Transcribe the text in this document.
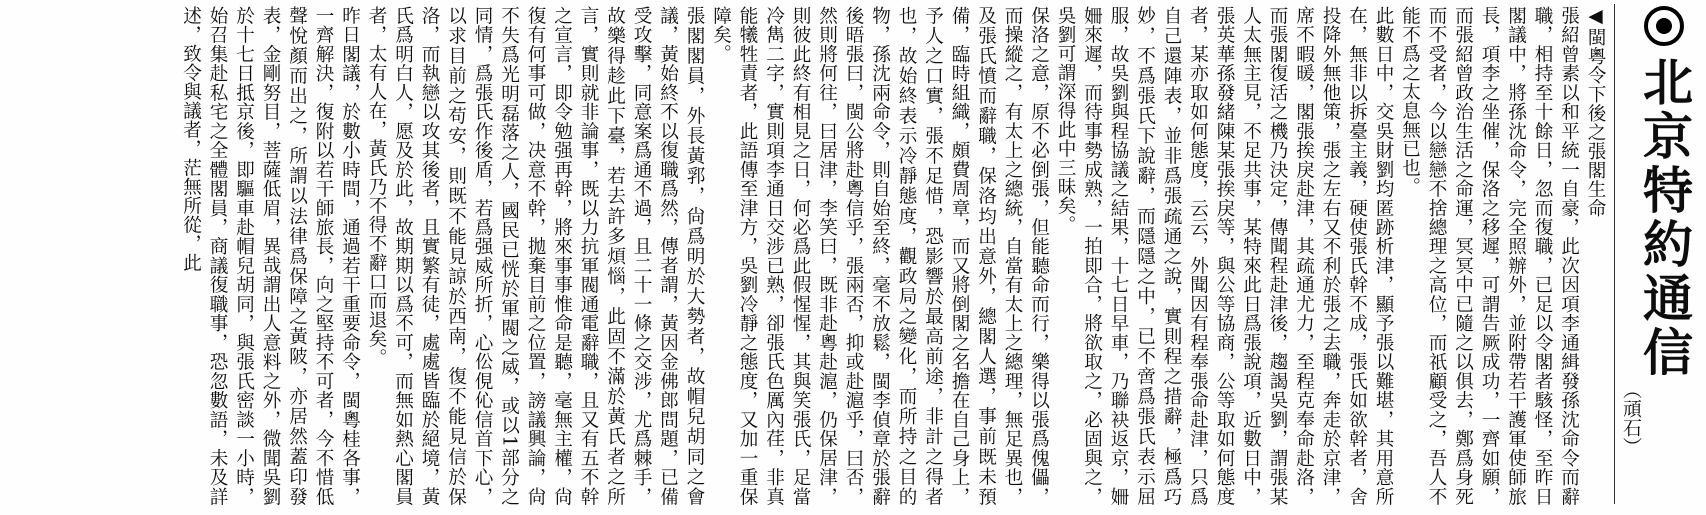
北京特約通信
（頑石）

◀閩粵令下後之張閣生命

張紹曾素以和平統一自豪，此次因項李通緝發孫沈命令而辭職，相持至十餘日，忽而復職，已足以令閣者駭怪，至昨日閣議中，將孫沈命令，完全照辦外，並附帶若干護軍使師旅長，項李之坐催，保洛之移遲，可謂告厥成功，一齊如願，而張紹曾政治生活之命運，冥冥中已隨之以俱去，鄭爲身死而不受者，今以戀戀不捨總理之高位，而祇顧受之，吾人不能不爲之太息無已也。

此數日中，交吳財劉均匿跡析津，顯予張以難堪，其用意所在，無非以拆臺主義，硬使張氏幹不成，張氏如欲幹者，舍投降外無他策，張之左右又不利於張之去職，奔走於京津，席不暇暖，閣張挨戾赴津，其疏通尤力，至程克奉命赴洛，而張閣復活之機乃決定，傳聞程赴津後，趨謁吳劉，謂張某人太無主見，不足共事，某特來此日爲張說項，近數日中，張英華孫發緒陳某張挨戾等，與公等協商，公等取如何態度者，某亦取如何態度，云云，外聞因有程奉張命赴津，只爲自己還陣表，並非爲張疏通之說，實則程之措辭，極爲巧妙，不爲張氏下說辭，而隱隱之中，已不啻爲張氏表示屈服，故吳劉與程協議之結果，十七日早車，乃聯袂返京，姍姍來遲，而待事勢成熟，一拍即合，將欲取之，必固與之，吳劉可謂深得此中三昧矣。

保洛之意，原不必倒張，但能聽命而行，樂得以張爲傀儡，而操縱之，有太上之總統，自當有太上之總理，無足異也，及張氏憤而辭職，保洛均出意外，總閣人選，事前既未預備，臨時組織，頗費周章，而又將倒閣之名擔在自己身上，予人之口實，張不足惜，恐影響於最高前途，非計之得者也，故始終表示冷靜態度，觀政局之變化，而所持之目的物，孫沈兩命令，則自始至終，毫不放鬆，閩李偵章於張辭後晤張曰，閩公將赴粵信乎，張兩否，抑或赴滬乎，曰否，然則將何往，曰居津，李笑曰，既非赴粵赴滬，仍保居津，則彼此終有相見之日，何必爲此假惺惺，其與笑張氏，足當冷雋二字，實則項李通日交涉已熟，卻張氏色厲內荏，非真能犧牲責者，此語傳至津方，吳劉冷靜之態度，又加一重保障矣。

張閣閣員，外長黃郛，尙爲明於大勢者，故帽兒胡同之會議，黃始終不以復職爲然，傳者謂，黃因金佛郎問題，已備受攻擊，同意案爲通不過，且二十一條之交涉，尤爲棘手，故樂得趁此下臺，若去許多煩惱，此固不滿於黃氏者之所言，實則就非論事，既以力抗軍閥通電辭職，且又有五不幹之宣言，即令勉强再幹，將來事事惟命是聽，毫無主權，尙復有何事可做，决意不幹，拋棄目前之位置，謗議興論，尙不失爲光明磊落之人，國民已恍於軍閥之威，或以1部分之同情，爲張氏作後盾，若爲强威所折，心伀俔伈信首下心，以求目前之苟安，則既不能見諒於西南，復不能見信於保洛，而執戀以攻其後者，且實繁有徒，處處皆臨於絕境，黃氏爲明白人，愿及於此，故期期以爲不可，而無如熱心閣員者，太有人在，黃氏乃不得不辭口而退矣。

昨日閣議，於數小時間，通過若干重要命令，閩粵桂各事，一齊解決，復附以若干師旅長，向之堅持不可者，今不惜低聲悅顏而出之，所謂以法律爲保障之黃陂，亦居然蓋印發表，金剛努目，菩薩低眉，異哉謂出人意料之外，微聞吳劉於十七日抵京後，即驅車赴帽兒胡同，與張氏密談一小時，始召集赴私宅之全體閣員，商議復職事，恐忽數語，未及詳述，致令與議者，茫無所從，此
